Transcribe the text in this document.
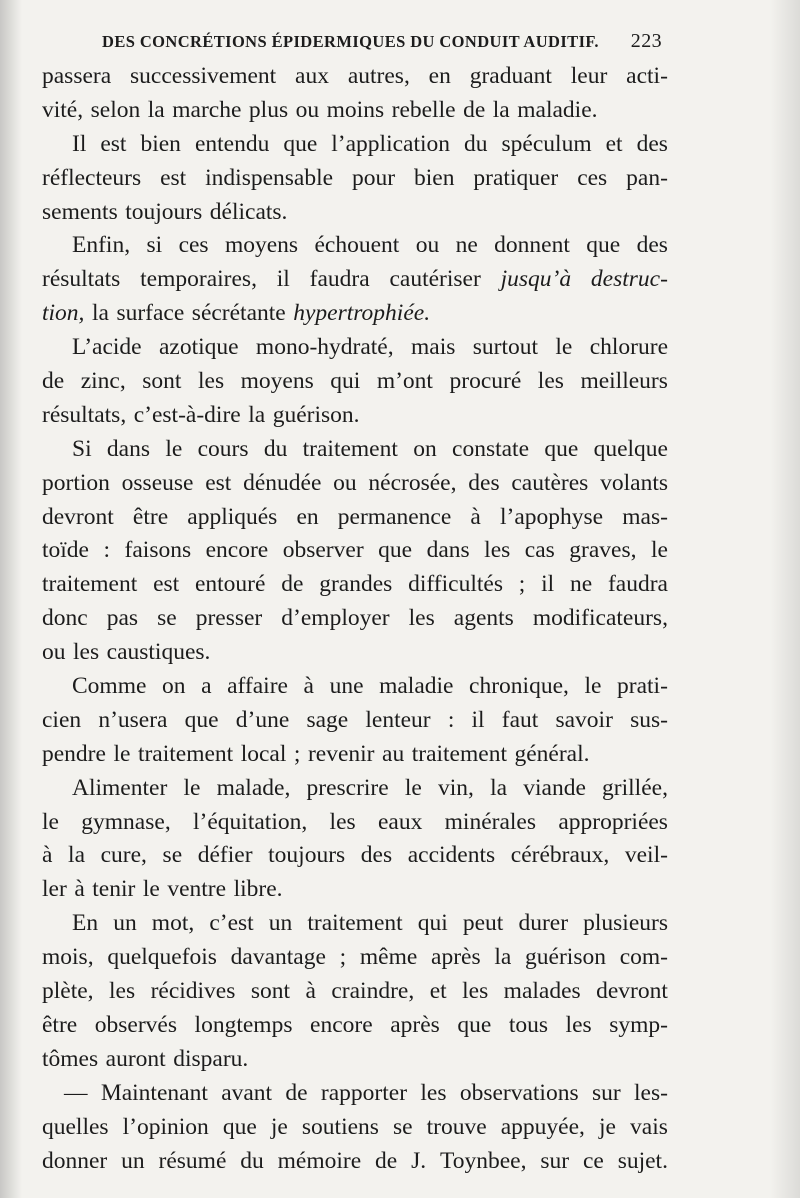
DES CONCRÉTIONS ÉPIDERMIQUES DU CONDUIT AUDITIF. 223
passera successivement aux autres, en graduant leur acti-
vité, selon la marche plus ou moins rebelle de la maladie.
Il est bien entendu que l’application du spéculum et des
réflecteurs est indispensable pour bien pratiquer ces pan-
sements toujours délicats.
Enfin, si ces moyens échouent ou ne donnent que des
résultats temporaires, il faudra cautériser jusqu’à destruc-
tion, la surface sécrétante hypertrophiée.
L’acide azotique mono-hydraté, mais surtout le chlorure
de zinc, sont les moyens qui m’ont procuré les meilleurs
résultats, c’est-à-dire la guérison.
Si dans le cours du traitement on constate que quelque
portion osseuse est dénudée ou nécrosée, des cautères volants
devront être appliqués en permanence à l’apophyse mas-
toïde : faisons encore observer que dans les cas graves, le
traitement est entouré de grandes difficultés ; il ne faudra
donc pas se presser d’employer les agents modificateurs,
ou les caustiques.
Comme on a affaire à une maladie chronique, le prati-
cien n’usera que d’une sage lenteur : il faut savoir sus-
pendre le traitement local ; revenir au traitement général.
Alimenter le malade, prescrire le vin, la viande grillée,
le gymnase, l’équitation, les eaux minérales appropriées
à la cure, se défier toujours des accidents cérébraux, veil-
ler à tenir le ventre libre.
En un mot, c’est un traitement qui peut durer plusieurs
mois, quelquefois davantage ; même après la guérison com-
plète, les récidives sont à craindre, et les malades devront
être observés longtemps encore après que tous les symp-
tômes auront disparu.
— Maintenant avant de rapporter les observations sur les-
quelles l’opinion que je soutiens se trouve appuyée, je vais
donner un résumé du mémoire de J. Toynbee, sur ce sujet.
